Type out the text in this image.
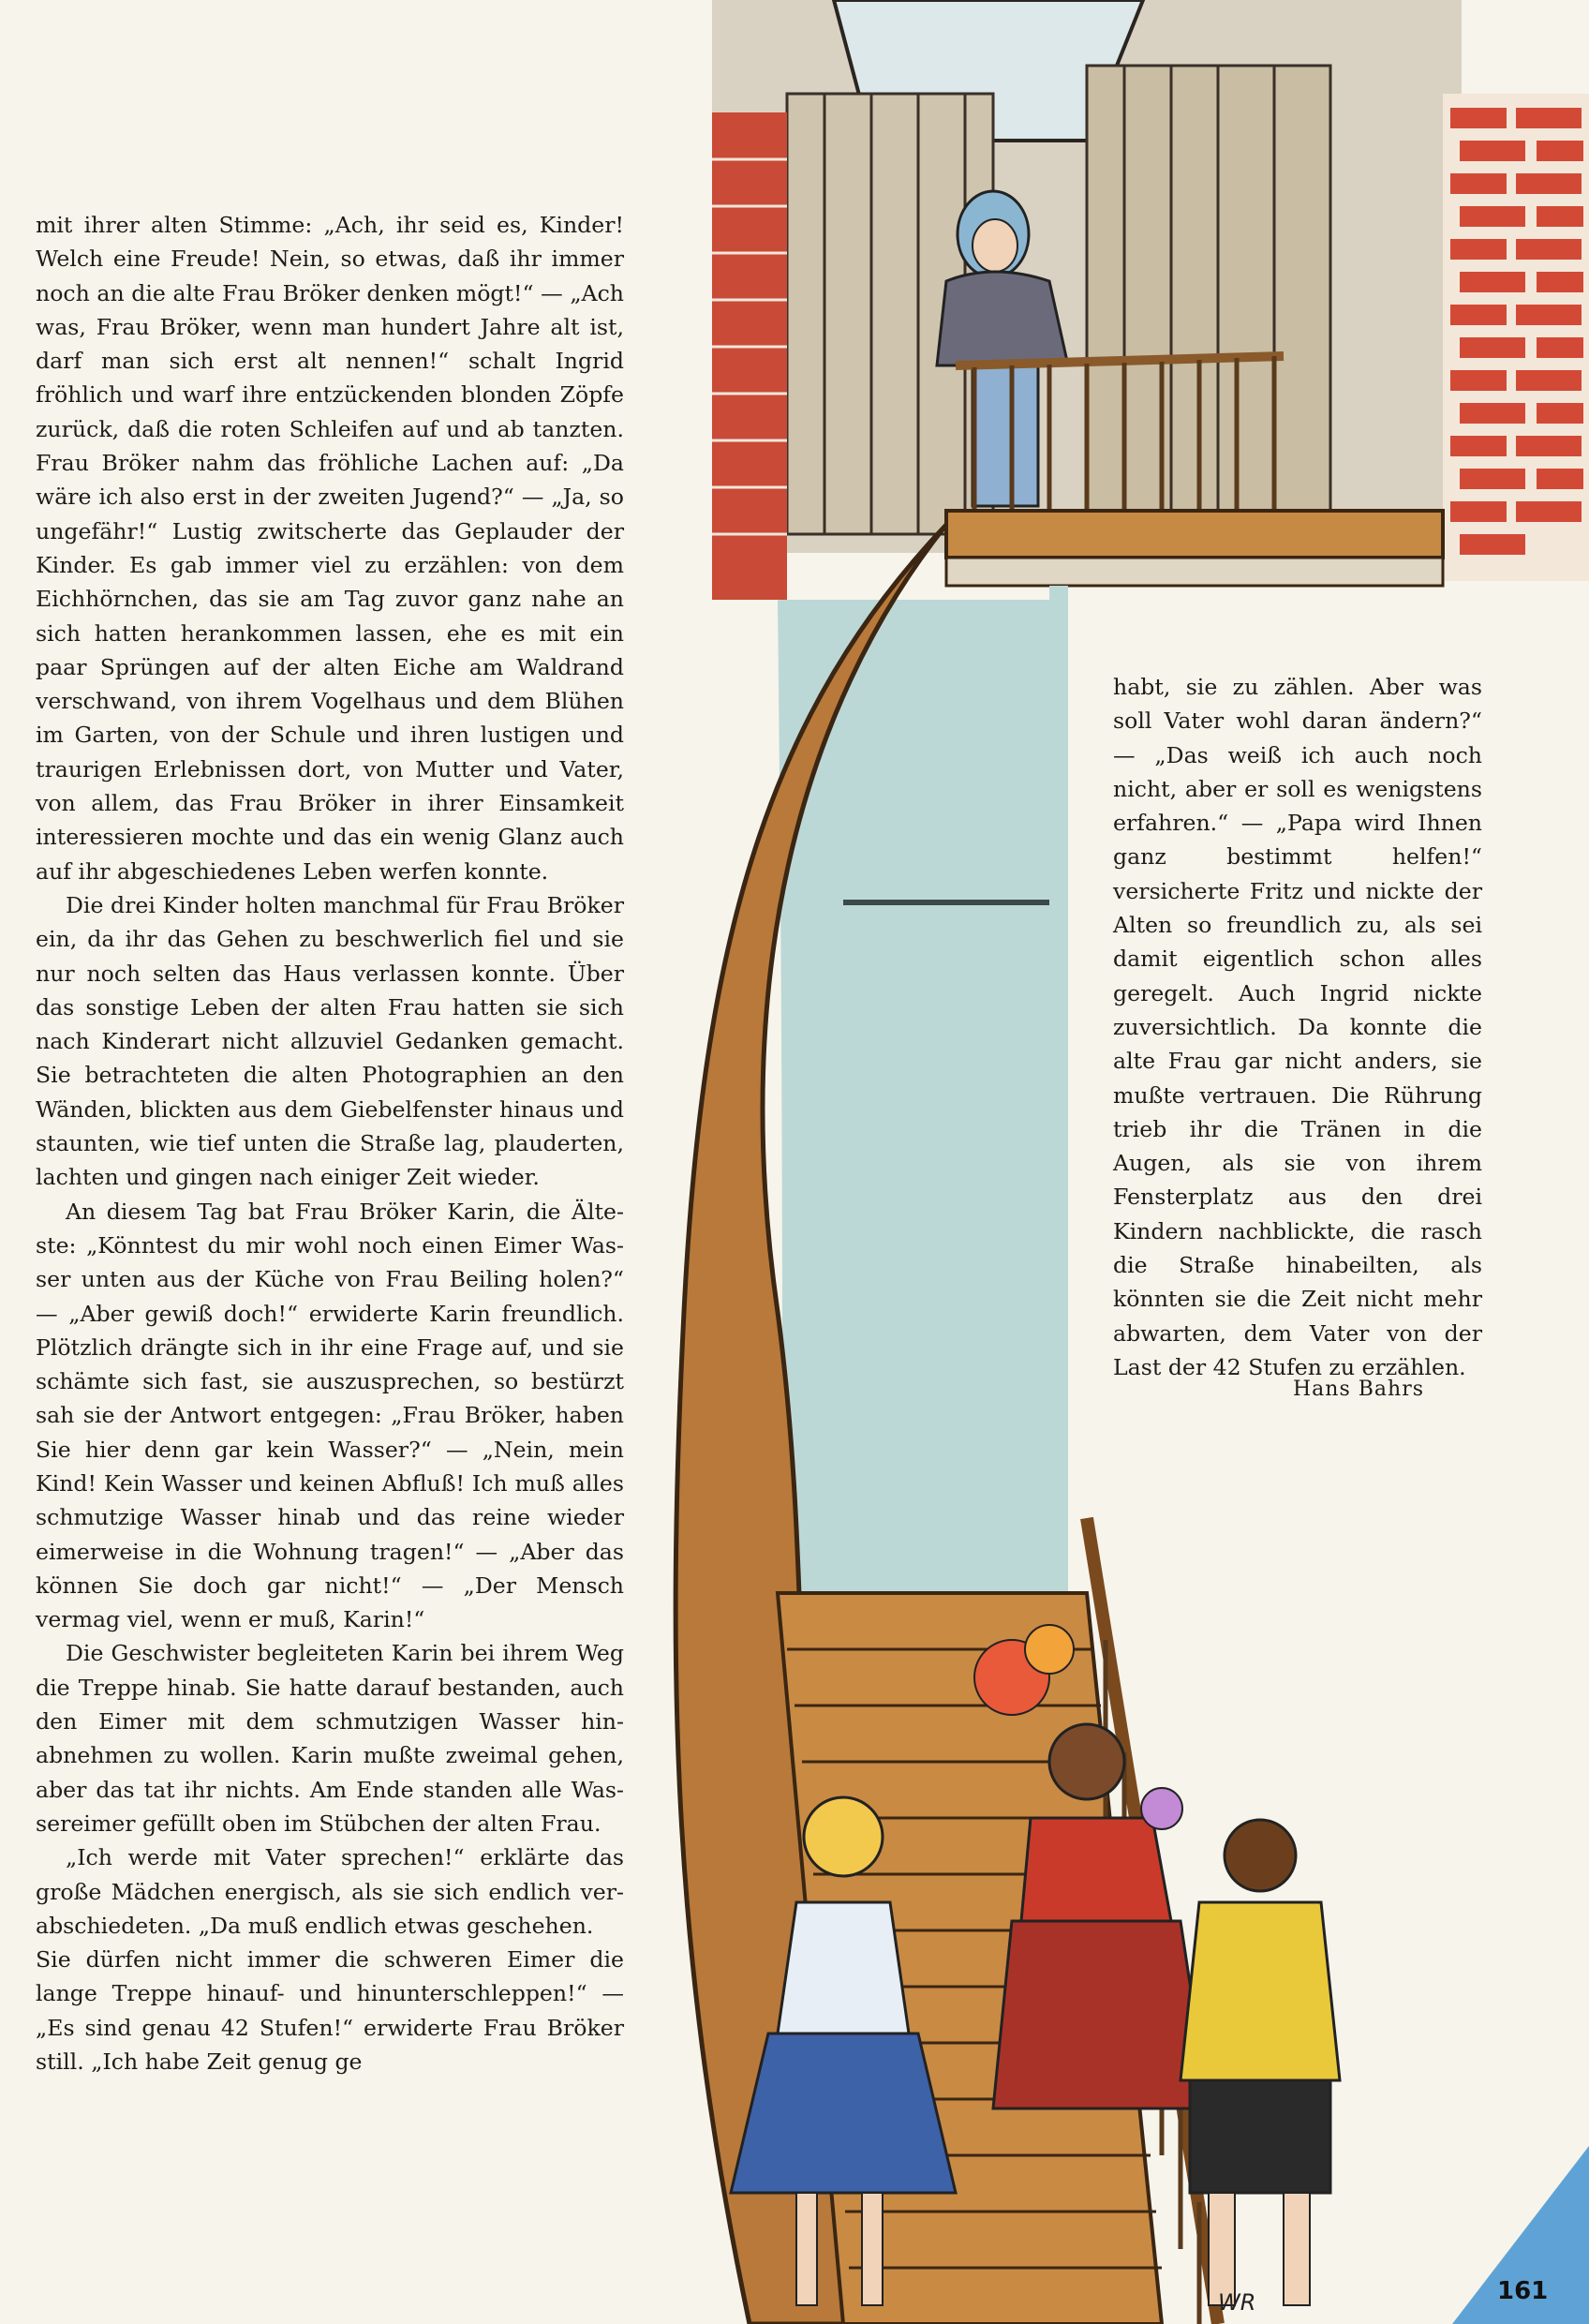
WR

mit ihrer alten Stimme: „Ach, ihr seid es, Kinder! Welch eine Freude! Nein, so etwas, daß ihr immer noch an die alte Frau Bröker denken mögt!“ — „Ach was, Frau Bröker, wenn man hundert Jahre alt ist, darf man sich erst alt nennen!“ schalt Ingrid fröhlich und warf ihre entzückenden blonden Zöpfe zurück, daß die roten Schleifen auf und ab tanzten. Frau Bröker nahm das fröhliche Lachen auf: „Da wäre ich also erst in der zweiten Jugend?“ — „Ja, so ungefähr!“ Lustig zwitscherte das Geplauder der Kinder. Es gab immer viel zu erzählen: von dem Eichhörnchen, das sie am Tag zuvor ganz nahe an sich hatten herankommen lassen, ehe es mit ein paar Sprüngen auf der alten Eiche am Waldrand verschwand, von ihrem Vogelhaus und dem Blühen im Garten, von der Schule und ihren lustigen und traurigen Erlebnissen dort, von Mutter und Vater, von allem, das Frau Bröker in ihrer Einsamkeit interessieren mochte und das ein wenig Glanz auch auf ihr abgeschiedenes Leben werfen konnte.

Die drei Kinder holten manchmal für Frau Bröker ein, da ihr das Gehen zu beschwerlich fiel und sie nur noch selten das Haus verlassen konnte. Über das sonstige Leben der alten Frau hatten sie sich nach Kinderart nicht allzuviel Gedanken gemacht. Sie betrachteten die alten Photographien an den Wänden, blickten aus dem Giebelfenster hinaus und staunten, wie tief unten die Straße lag, plauderten, lachten und gingen nach einiger Zeit wieder.

An diesem Tag bat Frau Bröker Karin, die Älteste: „Könntest du mir wohl noch einen Eimer Wasser unten aus der Küche von Frau Beiling holen?“ — „Aber gewiß doch!“ erwiderte Karin freundlich. Plötzlich drängte sich in ihr eine Frage auf, und sie schämte sich fast, sie auszusprechen, so bestürzt sah sie der Antwort entgegen: „Frau Bröker, haben Sie hier denn gar kein Wasser?“ — „Nein, mein Kind! Kein Wasser und keinen Abfluß! Ich muß alles schmutzige Wasser hinab und das reine wieder eimerweise in die Wohnung tragen!“ — „Aber das können Sie doch gar nicht!“ — „Der Mensch vermag viel, wenn er muß, Karin!“

Die Geschwister begleiteten Karin bei ihrem Weg die Treppe hinab. Sie hatte darauf bestanden, auch den Eimer mit dem schmutzigen Wasser hinabnehmen zu wollen. Karin mußte zweimal gehen, aber das tat ihr nichts. Am Ende standen alle Wassereimer gefüllt oben im Stübchen der alten Frau.

„Ich werde mit Vater sprechen!“ erklärte das große Mädchen energisch, als sie sich endlich verabschiedeten. „Da muß endlich etwas geschehen.

Sie dürfen nicht immer die schweren Eimer die lange Treppe hinauf- und hinunterschleppen!“ — „Es sind genau 42 Stufen!“ erwiderte Frau Bröker still. „Ich habe Zeit genug ge

habt, sie zu zählen. Aber was soll Vater wohl daran ändern?“ — „Das weiß ich auch noch nicht, aber er soll es wenigstens erfahren.“ — „Papa wird Ihnen ganz bestimmt helfen!“ versicherte Fritz und nickte der Alten so freundlich zu, als sei damit eigentlich schon alles geregelt. Auch Ingrid nickte zuversichtlich. Da konnte die alte Frau gar nicht anders, sie mußte vertrauen. Die Rührung trieb ihr die Tränen in die Augen, als sie von ihrem Fensterplatz aus den drei Kindern nachblickte, die rasch die Straße hinabeilten, als könnten sie die Zeit nicht mehr abwarten, dem Vater von der Last der 42 Stufen zu erzählen.

Hans Bahrs
161
